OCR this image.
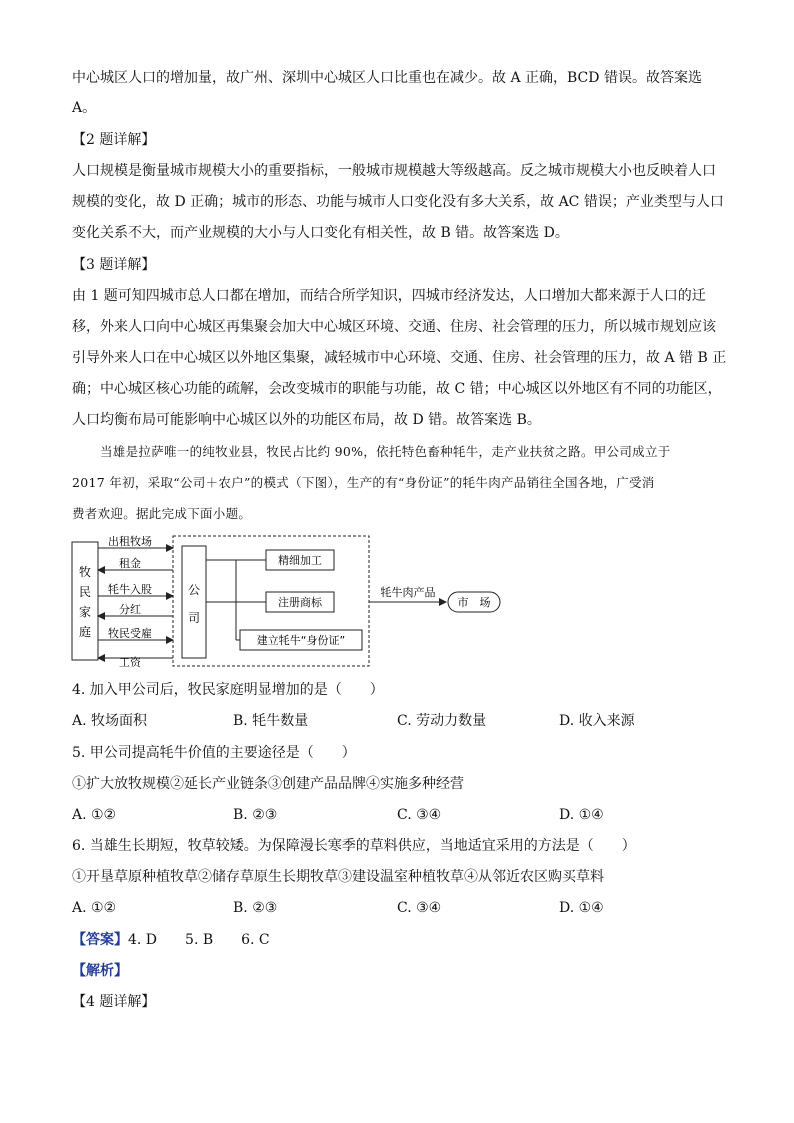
中心城区人口的增加量，故广州、深圳中心城区人口比重也在减少。故 A 正确，BCD 错误。故答案选
A。
【2 题详解】
人口规模是衡量城市规模大小的重要指标，一般城市规模越大等级越高。反之城市规模大小也反映着人口
规模的变化，故 D 正确；城市的形态、功能与城市人口变化没有多大关系，故 AC 错误；产业类型与人口
变化关系不大，而产业规模的大小与人口变化有相关性，故 B 错。故答案选 D。
【3 题详解】
由 1 题可知四城市总人口都在增加，而结合所学知识，四城市经济发达，人口增加大都来源于人口的迁
移，外来人口向中心城区再集聚会加大中心城区环境、交通、住房、社会管理的压力，所以城市规划应该
引导外来人口在中心城区以外地区集聚，减轻城市中心环境、交通、住房、社会管理的压力，故 A 错 B 正
确；中心城区核心功能的疏解，会改变城市的职能与功能，故 C 错；中心城区以外地区有不同的功能区，
人口均衡布局可能影响中心城区以外的功能区布局，故 D 错。故答案选 B。
当雄是拉萨唯一的纯牧业县，牧民占比约 90%，依托特色畜种牦牛，走产业扶贫之路。甲公司成立于
2017 年初，采取“公司＋农户”的模式（下图），生产的有“身份证”的牦牛肉产品销往全国各地，广受消
费者欢迎。据此完成下面小题。
牧
民
家
庭
公
司
出租牧场
租金
牦牛入股
分红
牧民受雇
工资
精细加工
注册商标
建立牦牛“身份证”
牦牛肉产品
市　场
4. 加入甲公司后，牧民家庭明显增加的是（　　）
A. 牧场面积	B. 牦牛数量	C. 劳动力数量	D. 收入来源
5. 甲公司提高牦牛价值的主要途径是（　　）
①扩大放牧规模②延长产业链条③创建产品品牌④实施多种经营
A. ①②	B. ②③	C. ③④	D. ①④
6. 当雄生长期短，牧草较矮。为保障漫长寒季的草料供应，当地适宜采用的方法是（　　）
①开垦草原种植牧草②储存草原生长期牧草③建设温室种植牧草④从邻近农区购买草料
A. ①②	B. ②③	C. ③④	D. ①④
【答案】4. D　　5. B　　6. C
【解析】
【4 题详解】
